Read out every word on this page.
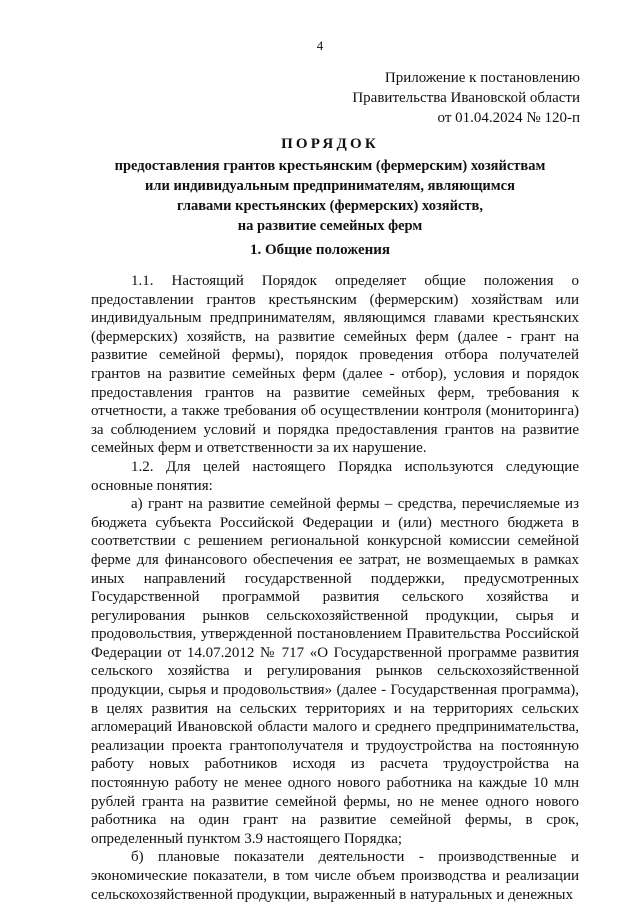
4
Приложение к постановлению
Правительства Ивановской области
от 01.04.2024 № 120-п
ПОРЯДОК
предоставления грантов крестьянским (фермерским) хозяйствам
или индивидуальным предпринимателям, являющимся
главами крестьянских (фермерских) хозяйств,
на развитие семейных ферм
1. Общие положения

1.1. Настоящий Порядок определяет общие положения о предоставлении грантов крестьянским (фермерским) хозяйствам или индивидуальным предпринимателям, являющимся главами крестьянских (фермерских) хозяйств, на развитие семейных ферм (далее - грант на развитие семейной фермы), порядок проведения отбора получателей грантов на развитие семейных ферм (далее - отбор), условия и порядок предоставления грантов на развитие семейных ферм, требования к отчетности, а также требования об осуществлении контроля (мониторинга) за соблюдением условий и порядка предоставления грантов на развитие семейных ферм и ответственности за их нарушение.

1.2. Для целей настоящего Порядка используются следующие основные понятия:

а) грант на развитие семейной фермы – средства, перечисляемые из бюджета субъекта Российской Федерации и (или) местного бюджета в соответствии с решением региональной конкурсной комиссии семейной ферме для финансового обеспечения ее затрат, не возмещаемых в рамках иных направлений государственной поддержки, предусмотренных Государственной программой развития сельского хозяйства и регулирования рынков сельскохозяйственной продукции, сырья и продовольствия, утвержденной постановлением Правительства Российской Федерации от 14.07.2012 № 717 «О Государственной программе развития сельского хозяйства и регулирования рынков сельскохозяйственной продукции, сырья и продовольствия» (далее - Государственная программа), в целях развития на сельских территориях и на территориях сельских агломераций Ивановской области малого и среднего предпринимательства, реализации проекта грантополучателя и трудоустройства на постоянную работу новых работников исходя из расчета трудоустройства на постоянную работу не менее одного нового работника на каждые 10 млн рублей гранта на развитие семейной фермы, но не менее одного нового работника на один грант на развитие семейной фермы, в срок, определенный пунктом 3.9 настоящего Порядка;

б) плановые показатели деятельности - производственные и экономические показатели, в том числе объем производства и реализации сельскохозяйственной продукции, выраженный в натуральных и денежных
